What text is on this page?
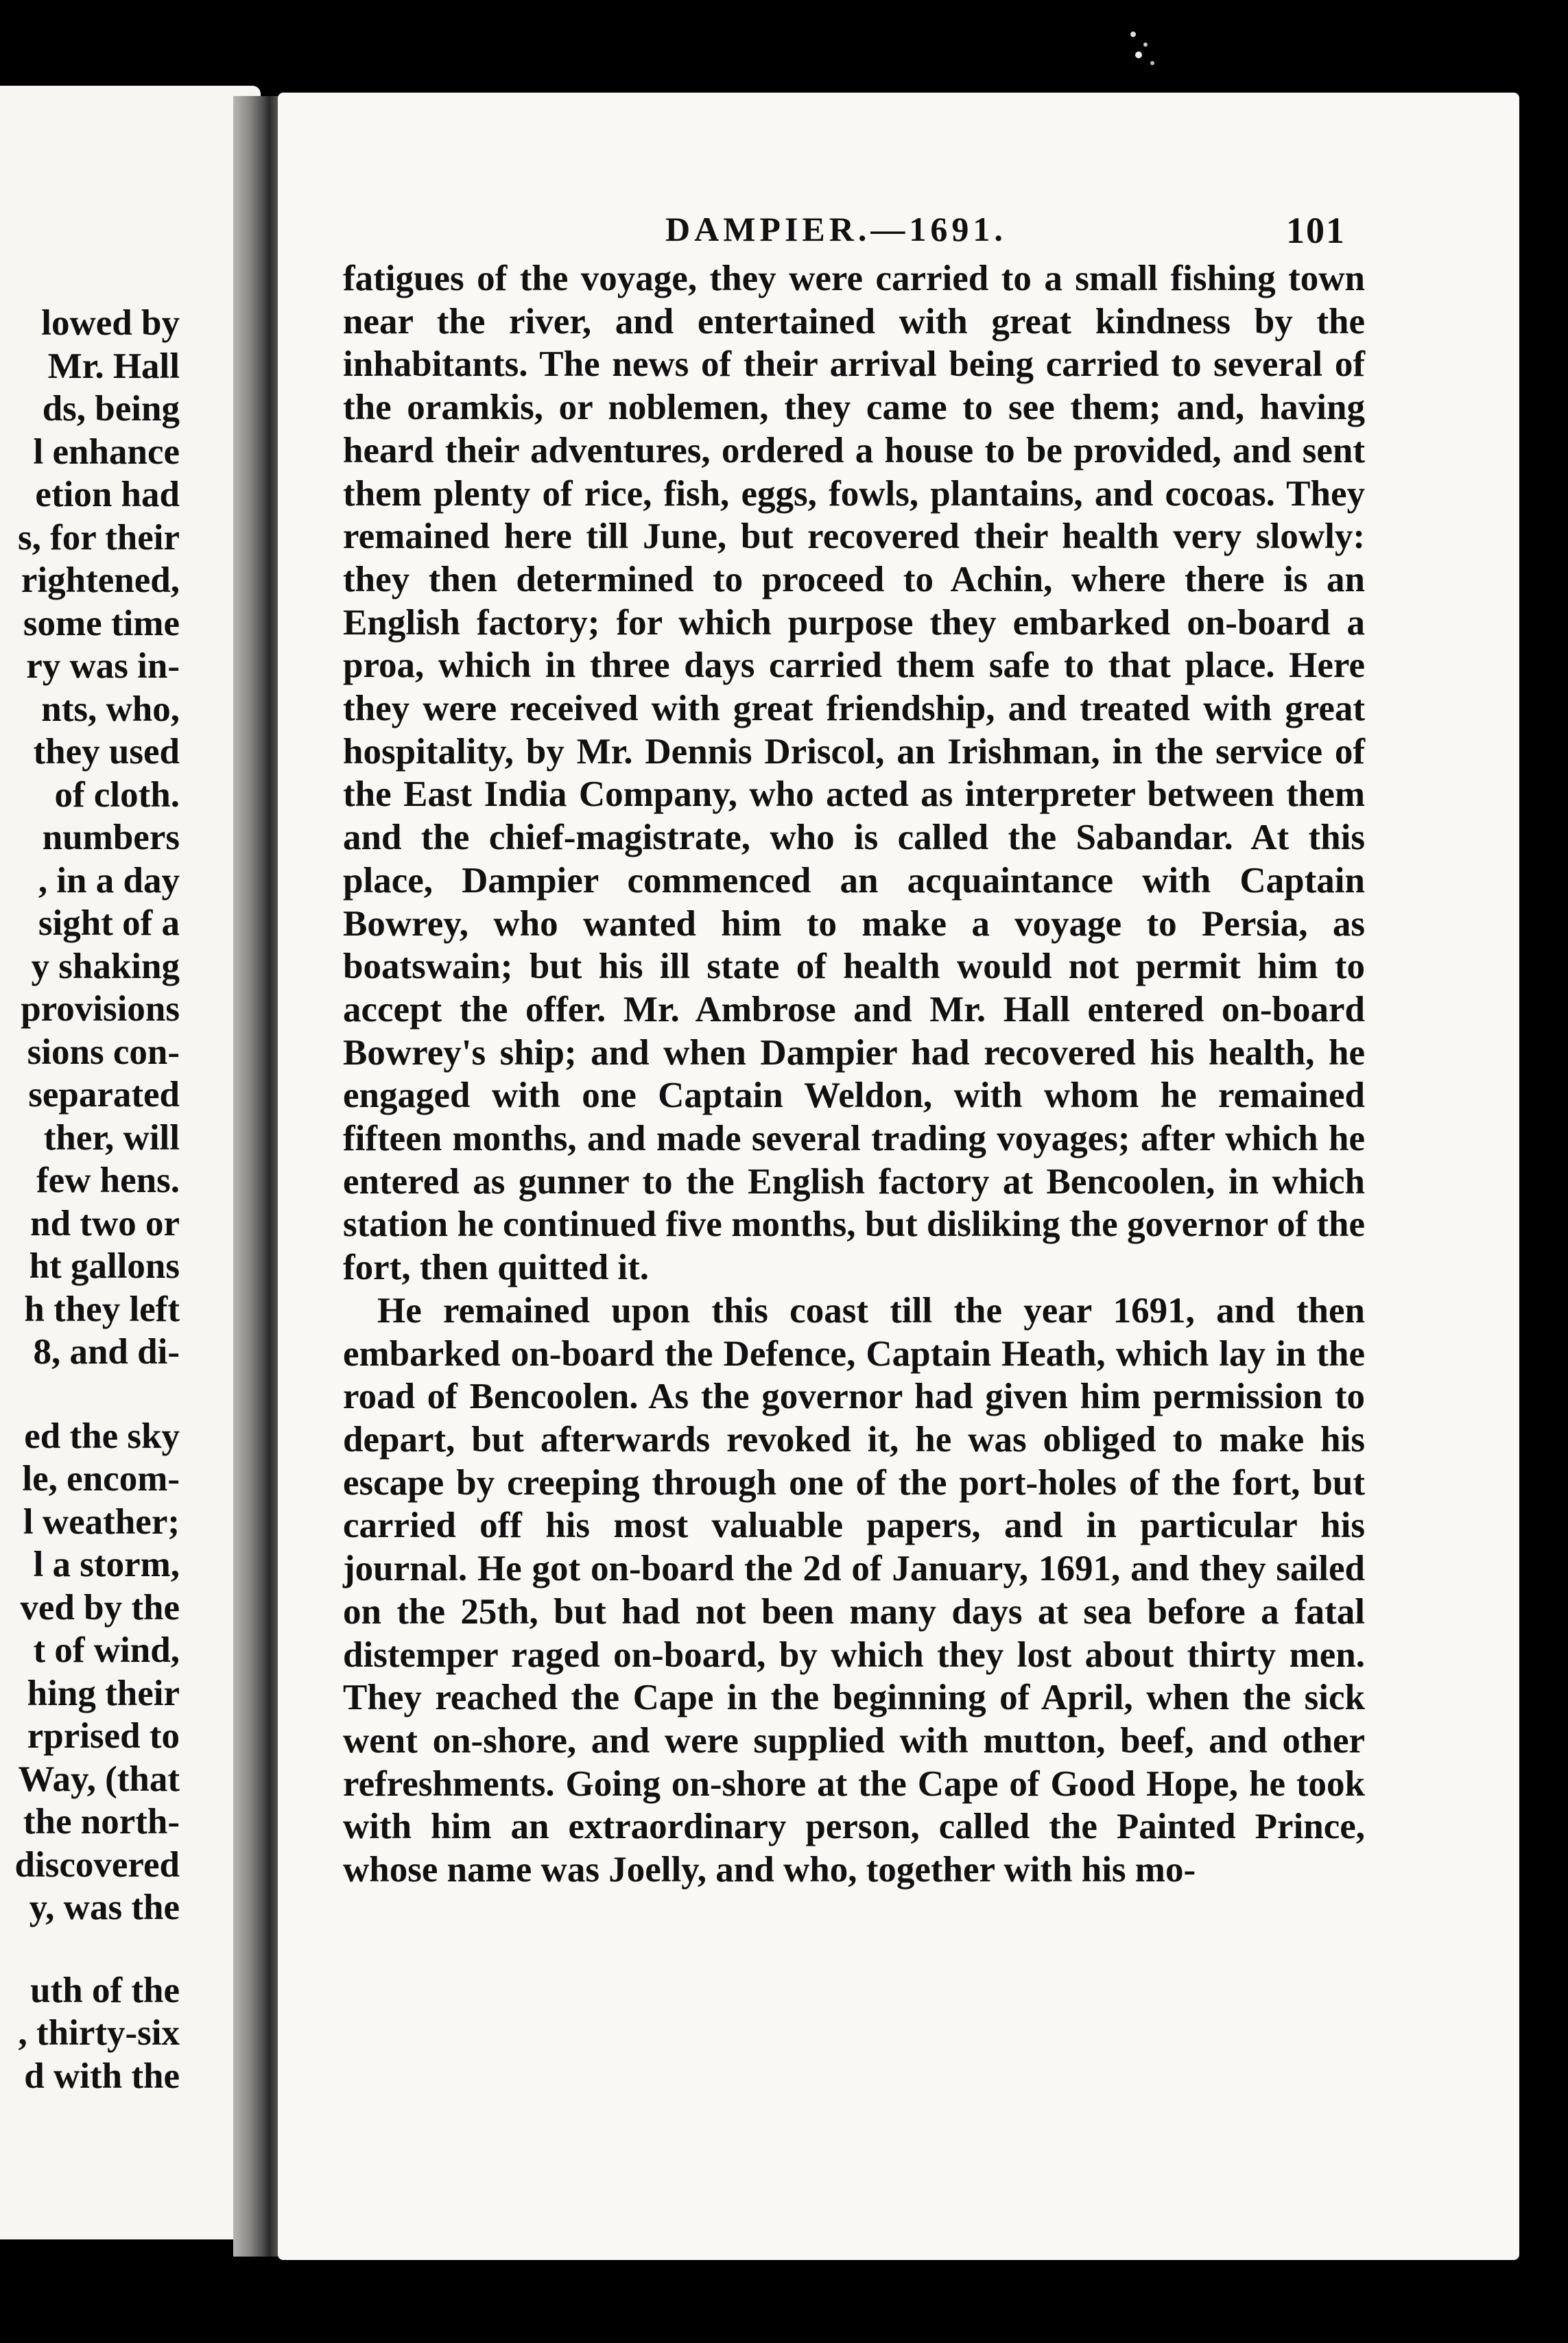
lowed by
Mr. Hall
ds, being
l enhance
etion had
s, for their
rightened,
some time
ry was in-
nts, who,
they used
of cloth.
numbers
, in a day
sight of a
y shaking
provisions
sions con-
separated
ther, will
few hens.
nd two or
ht gallons
h they left
8, and di-
ed the sky
le, encom-
l weather;
l a storm,
ved by the
t of wind,
hing their
rprised to
Way, (that
the north-
discovered
y, was the
uth of the
, thirty-six
d with the
DAMPIER.—1691.	101

fatigues of the voyage, they were carried to a small fishing town near the river, and entertained with great kindness by the inhabitants. The news of their arrival being carried to several of the oramkis, or noblemen, they came to see them; and, having heard their adventures, ordered a house to be provided, and sent them plenty of rice, fish, eggs, fowls, plantains, and cocoas. They remained here till June, but recovered their health very slowly: they then determined to proceed to Achin, where there is an English factory; for which purpose they embarked on-board a proa, which in three days carried them safe to that place. Here they were received with great friendship, and treated with great hospitality, by Mr. Dennis Driscol, an Irishman, in the service of the East India Company, who acted as interpreter between them and the chief-magistrate, who is called the Sabandar. At this place, Dampier commenced an acquaintance with Captain Bowrey, who wanted him to make a voyage to Persia, as boatswain; but his ill state of health would not permit him to accept the offer. Mr. Ambrose and Mr. Hall entered on-board Bowrey's ship; and when Dampier had recovered his health, he engaged with one Captain Weldon, with whom he remained fifteen months, and made several trading voyages; after which he entered as gunner to the English factory at Bencoolen, in which station he continued five months, but disliking the governor of the fort, then quitted it.

He remained upon this coast till the year 1691, and then embarked on-board the Defence, Captain Heath, which lay in the road of Bencoolen. As the governor had given him permission to depart, but afterwards revoked it, he was obliged to make his escape by creeping through one of the port-holes of the fort, but carried off his most valuable papers, and in particular his journal. He got on-board the 2d of January, 1691, and they sailed on the 25th, but had not been many days at sea before a fatal distemper raged on-board, by which they lost about thirty men. They reached the Cape in the beginning of April, when the sick went on-shore, and were supplied with mutton, beef, and other refreshments. Going on-shore at the Cape of Good Hope, he took with him an extraordinary person, called the Painted Prince, whose name was Joelly, and who, together with his mo-
